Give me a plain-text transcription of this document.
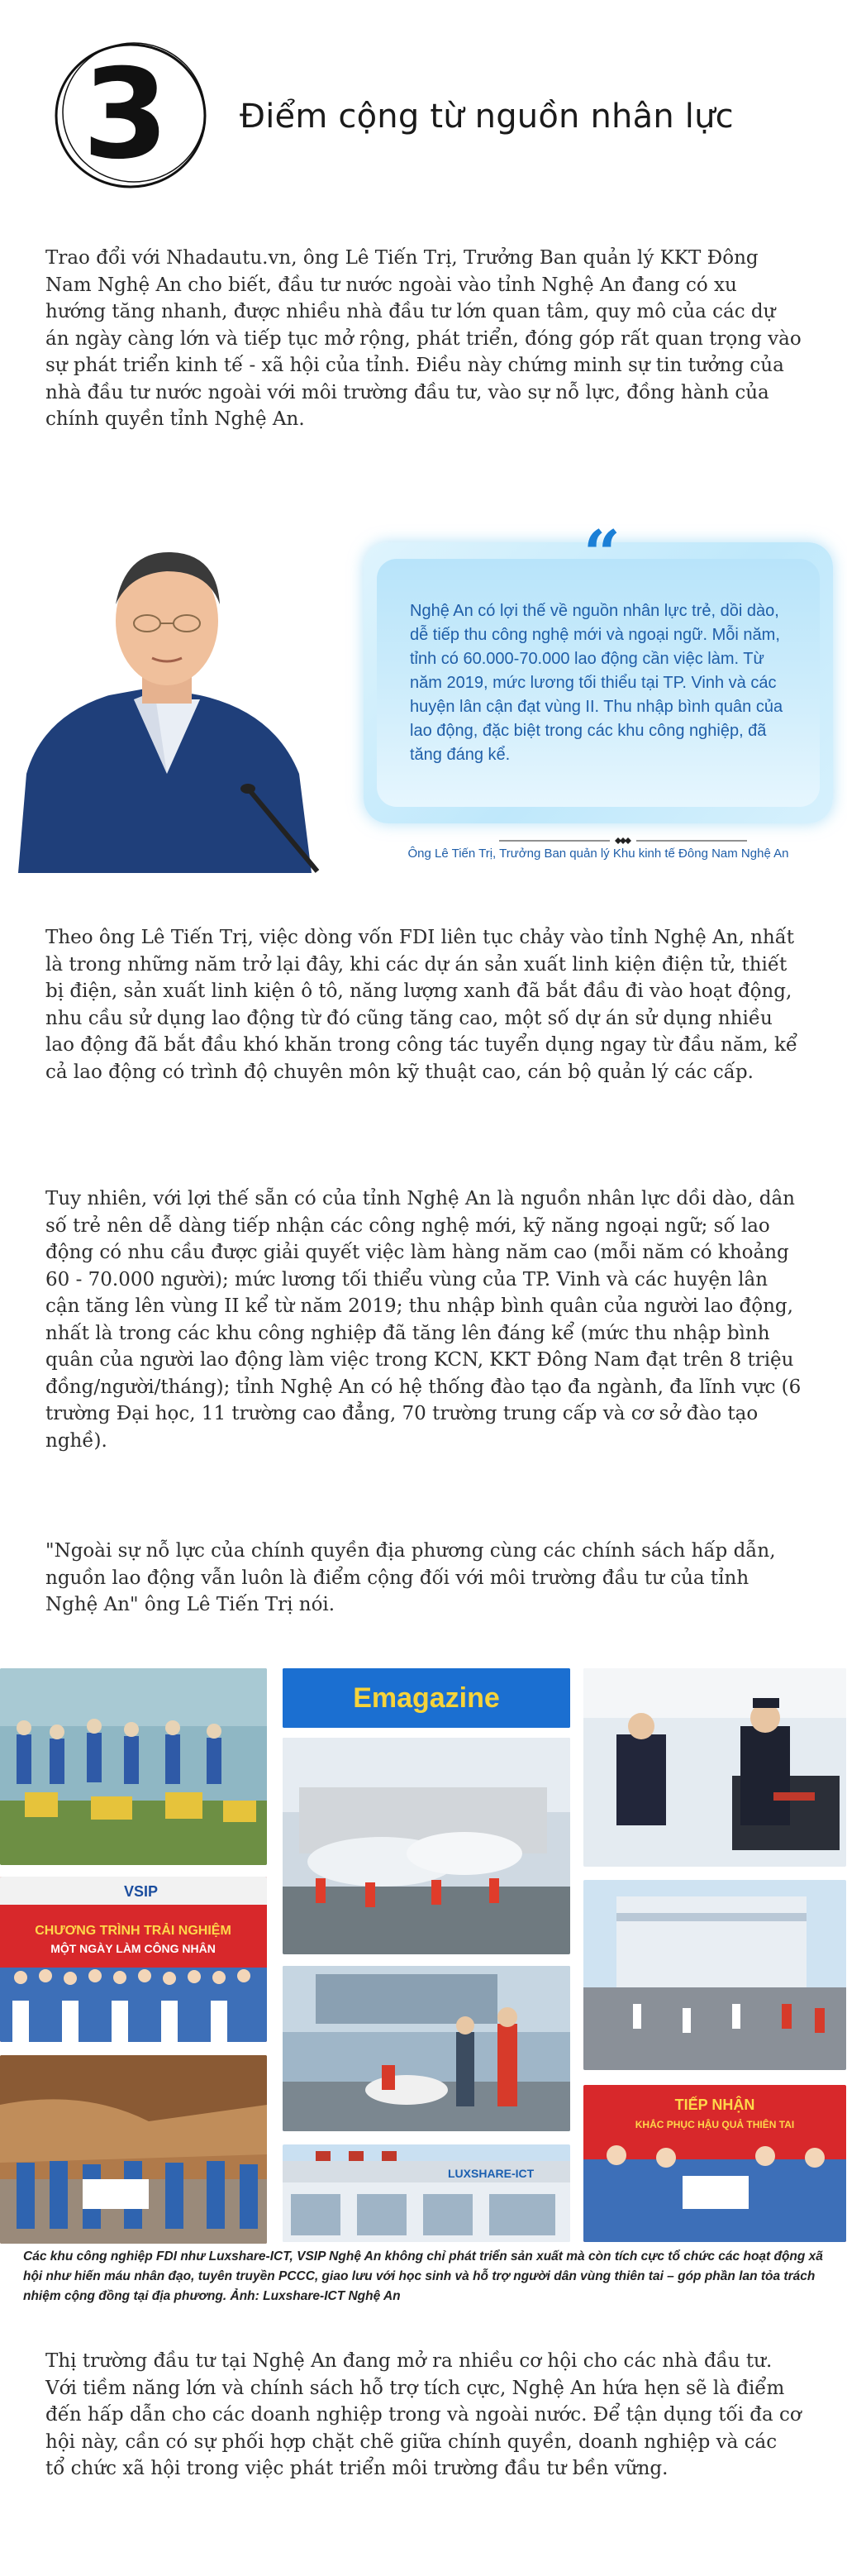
3 Điểm cộng từ nguồn nhân lực

Trao đổi với Nhadautu.vn, ông Lê Tiến Trị, Trưởng Ban quản lý KKT Đông Nam Nghệ An cho biết, đầu tư nước ngoài vào tỉnh Nghệ An đang có xu hướng tăng nhanh, được nhiều nhà đầu tư lớn quan tâm, quy mô của các dự án ngày càng lớn và tiếp tục mở rộng, phát triển, đóng góp rất quan trọng vào sự phát triển kinh tế - xã hội của tỉnh. Điều này chứng minh sự tin tưởng của nhà đầu tư nước ngoài với môi trường đầu tư, vào sự nỗ lực, đồng hành của chính quyền tỉnh Nghệ An.

“

Nghệ An có lợi thế về nguồn nhân lực trẻ, dồi dào, dễ tiếp thu công nghệ mới và ngoại ngữ. Mỗi năm, tỉnh có 60.000-70.000 lao động cần việc làm. Từ năm 2019, mức lương tối thiểu tại TP. Vinh và các huyện lân cận đạt vùng II. Thu nhập bình quân của lao động, đặc biệt trong các khu công nghiệp, đã tăng đáng kể.

Ông Lê Tiến Trị, Trưởng Ban quản lý Khu kinh tế Đông Nam Nghệ An

Theo ông Lê Tiến Trị, việc dòng vốn FDI liên tục chảy vào tỉnh Nghệ An, nhất là trong những năm trở lại đây, khi các dự án sản xuất linh kiện điện tử, thiết bị điện, sản xuất linh kiện ô tô, năng lượng xanh đã bắt đầu đi vào hoạt động, nhu cầu sử dụng lao động từ đó cũng tăng cao, một số dự án sử dụng nhiều lao động đã bắt đầu khó khăn trong công tác tuyển dụng ngay từ đầu năm, kể cả lao động có trình độ chuyên môn kỹ thuật cao, cán bộ quản lý các cấp.

Tuy nhiên, với lợi thế sẵn có của tỉnh Nghệ An là nguồn nhân lực dồi dào, dân số trẻ nên dễ dàng tiếp nhận các công nghệ mới, kỹ năng ngoại ngữ; số lao động có nhu cầu được giải quyết việc làm hàng năm cao (mỗi năm có khoảng 60 - 70.000 người); mức lương tối thiểu vùng của TP. Vinh và các huyện lân cận tăng lên vùng II kể từ năm 2019; thu nhập bình quân của người lao động, nhất là trong các khu công nghiệp đã tăng lên đáng kể (mức thu nhập bình quân của người lao động làm việc trong KCN, KKT Đông Nam đạt trên 8 triệu đồng/người/tháng); tỉnh Nghệ An có hệ thống đào tạo đa ngành, đa lĩnh vực (6 trường Đại học, 11 trường cao đẳng, 70 trường trung cấp và cơ sở đào tạo nghề).

"Ngoài sự nỗ lực của chính quyền địa phương cùng các chính sách hấp dẫn, nguồn lao động vẫn luôn là điểm cộng đối với môi trường đầu tư của tỉnh Nghệ An" ông Lê Tiến Trị nói.

VSIP
CHƯƠNG TRÌNH TRẢI NGHIỆM
MỘT NGÀY LÀM CÔNG NHÂN
Emagazine
LUXSHARE-ICT
TIẾP NHẬN
KHẮC PHỤC HẬU QUẢ THIÊN TAI

Các khu công nghiệp FDI như Luxshare-ICT, VSIP Nghệ An không chỉ phát triển sản xuất mà còn tích cực tổ chức các hoạt động xã hội như hiến máu nhân đạo, tuyên truyền PCCC, giao lưu với học sinh và hỗ trợ người dân vùng thiên tai – góp phần lan tỏa trách nhiệm cộng đồng tại địa phương. Ảnh: Luxshare-ICT Nghệ An

Thị trường đầu tư tại Nghệ An đang mở ra nhiều cơ hội cho các nhà đầu tư. Với tiềm năng lớn và chính sách hỗ trợ tích cực, Nghệ An hứa hẹn sẽ là điểm đến hấp dẫn cho các doanh nghiệp trong và ngoài nước. Để tận dụng tối đa cơ hội này, cần có sự phối hợp chặt chẽ giữa chính quyền, doanh nghiệp và các tổ chức xã hội trong việc phát triển môi trường đầu tư bền vững.
